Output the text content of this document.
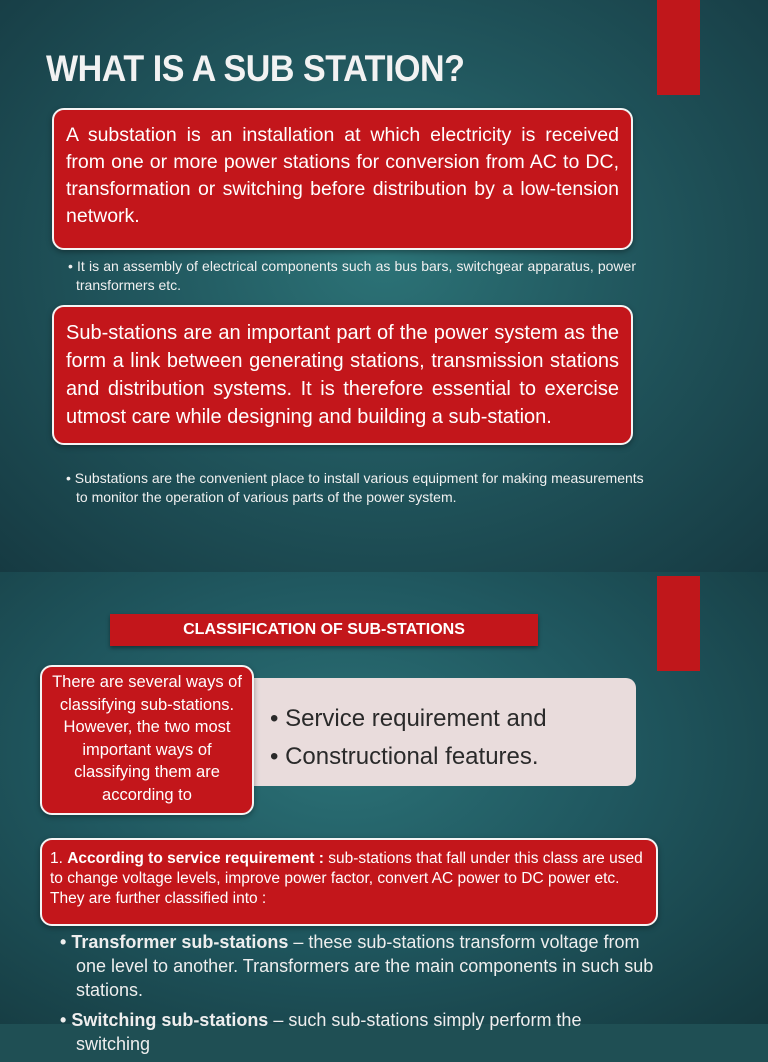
WHAT IS A SUB STATION?
A substation is an installation at which electricity is received from one or more power stations for conversion from AC to DC, transformation or switching before distribution by a low-tension network.

• It is an assembly of electrical components such as bus bars, switchgear apparatus, power transformers etc.

Sub-stations are an important part of the power system as the form a link between generating stations, transmission stations and distribution systems. It is therefore essential to exercise utmost care while designing and building a sub-station.

• Substations are the convenient place to install various equipment for making measurements to monitor the operation of various parts of the power system.

CLASSIFICATION OF SUB-STATIONS
• Service requirement and
• Constructional features.
There are several ways of classifying sub-stations. However, the two most important ways of classifying them are according to
1. According to service requirement : sub-stations that fall under this class are used to change voltage levels, improve power factor, convert AC power to DC power etc. They are further classified into :
• Transformer sub-stations – these sub-stations transform voltage from one level to another. Transformers are the main components in such sub stations.
• Switching sub-stations – such sub-stations simply perform the switching
